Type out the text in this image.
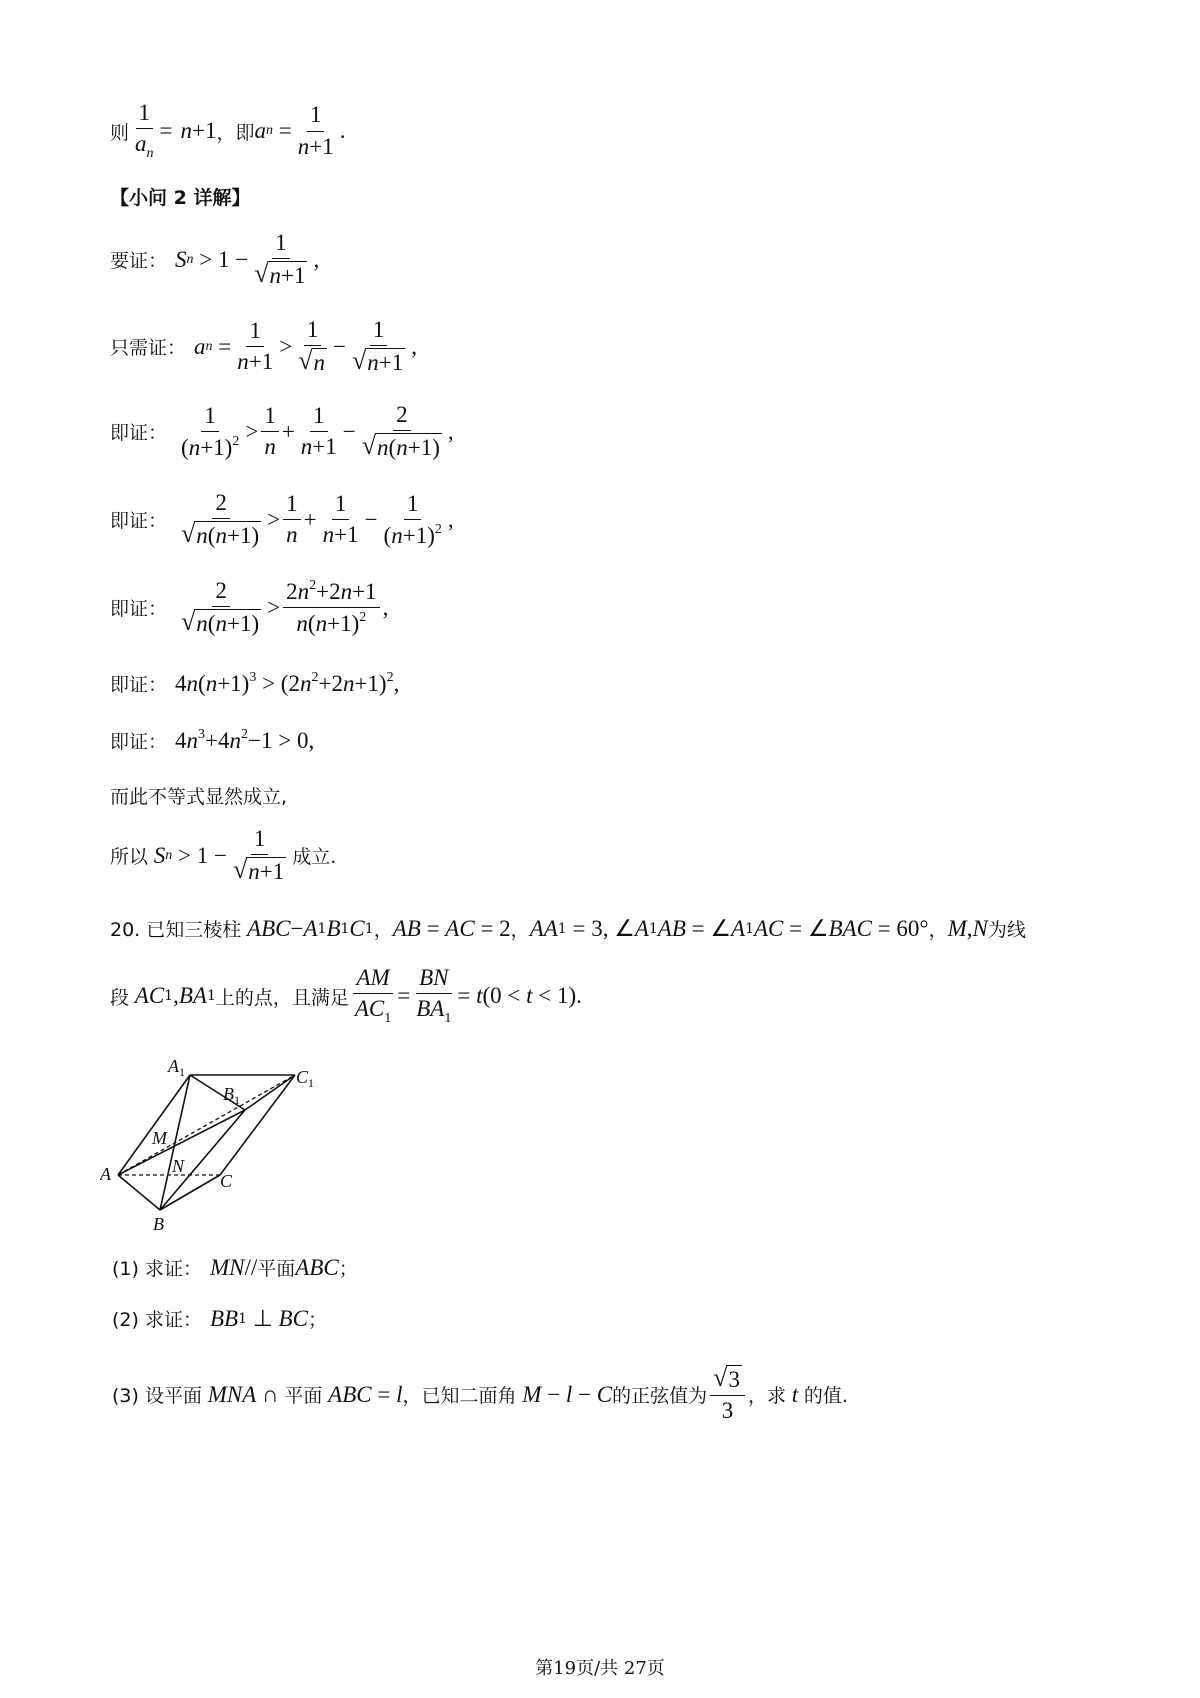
则 $\frac{1}{a_n} = n +1$ ，即 a $n = \frac{1}{n+1}$ .
【小问 2 详解】
要证： S $n > 1 - \frac{1}{√ n+1}$ ,
只需证： a $n = \frac{1}{n+1} > \frac{1}{√ n} - \frac{1}{√ n+1}$ ,
即证： $\frac{1}{(n+1)^2} > \frac{1}{n} + \frac{1}{n+1} - \frac{2}{√ n(n+1)}$ ,
即证： $\frac{2}{√ n(n+1)} > \frac{1}{n} + \frac{1}{n+1} - \frac{1}{(n+1)^2}$ ,
即证： $\frac{2}{√ n(n+1)} > \frac{2n^2+2n+1}{n(n+1)^2}$ ,
即证： $4n(n+1)^3 > (2n^2+2n+1)^2$,
即证： $4n^3+4n^2-1 > 0$,
而此不等式显然成立,
所以 S $n > 1 - \frac{1}{√ n+1}$ 成立.
20. 已知三棱柱 ABC − A 1 B 1 C 1 ， AB = AC = 2 ， AA 1 = 3, ∠ A 1 AB = ∠ A 1 AC = ∠ BAC = 60° ， M , N 为线
段 AC 1 , BA 1 上的点，且满足 $\frac{AM}{AC_1} = \frac{BN}{BA_1} = t(0 < t < 1)$.
$A_1$
$B_1$
$C_1$
M
N
A	C
B
(1) 求证： MN // 平面 ABC ；
(2) 求证： BB 1 ⊥ BC ；
(3) 设平面 MNA ∩ 平面 ABC = l ，已知二面角 M − l − C 的正弦值为 $\frac{√ 3}{3}$ ，求 t 的值.
第19页/共 27页
